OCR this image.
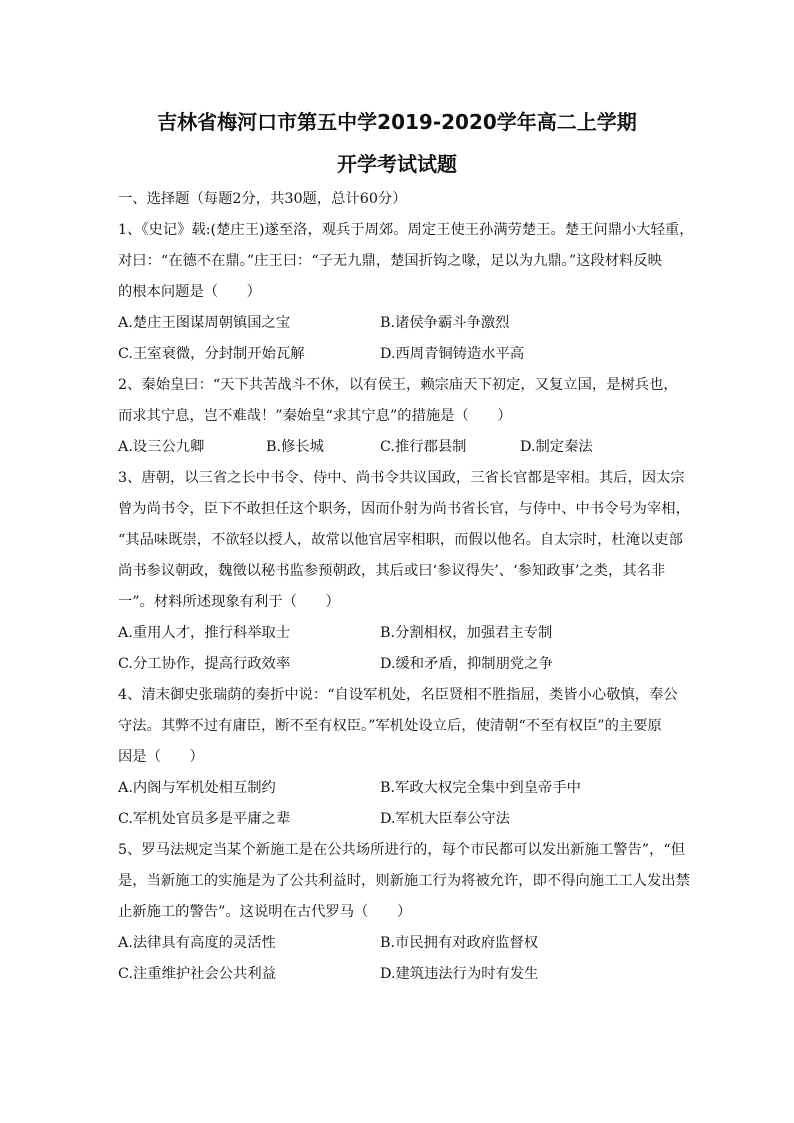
吉林省梅河口市第五中学2019-2020学年高二上学期
开学考试试题
一、选择题（每题2分，共30题，总计60分）
1、《史记》载:(楚庄王)遂至洛，观兵于周郊。周定王使王孙满劳楚王。楚王问鼎小大轻重，
对曰：“在德不在鼎。”庄王曰：“子无九鼎，楚国折钩之喙，足以为九鼎。”这段材料反映
的根本问题是（　　）
A.楚庄王图谋周朝镇国之宝	B.诸侯争霸斗争激烈
C.王室衰微，分封制开始瓦解	D.西周青铜铸造水平高
2、秦始皇曰：“天下共苦战斗不休，以有侯王，赖宗庙天下初定，又复立国，是树兵也，
而求其宁息，岂不难哉！”秦始皇“求其宁息”的措施是（　　）
A.设三公九卿	B.修长城	C.推行郡县制	D.制定秦法
3、唐朝，以三省之长中书令、侍中、尚书令共议国政，三省长官都是宰相。其后，因太宗
曾为尚书令，臣下不敢担任这个职务，因而仆射为尚书省长官，与侍中、中书令号为宰相，
“其品味既崇，不欲轻以授人，故常以他官居宰相职，而假以他名。自太宗时，杜淹以吏部
尚书参议朝政，魏徵以秘书监参预朝政，其后或曰‘参议得失’、‘参知政事’之类，其名非
一”。材料所述现象有利于（　　）
A.重用人才，推行科举取士	B.分割相权，加强君主专制
C.分工协作，提高行政效率	D.缓和矛盾，抑制朋党之争
4、清末御史张瑞荫的奏折中说：“自设军机处，名臣贤相不胜指屈，类皆小心敬慎，奉公
守法。其弊不过有庸臣，断不至有权臣。”军机处设立后，使清朝“不至有权臣”的主要原
因是（　　）
A.内阁与军机处相互制约	B.军政大权完全集中到皇帝手中
C.军机处官员多是平庸之辈	D.军机大臣奉公守法
5、罗马法规定当某个新施工是在公共场所进行的，每个市民都可以发出新施工警告”，“但
是，当新施工的实施是为了公共利益时，则新施工行为将被允许，即不得向施工工人发出禁
止新施工的警告”。这说明在古代罗马（　　）
A.法律具有高度的灵活性	B.市民拥有对政府监督权
C.注重维护社会公共利益	D.建筑违法行为时有发生
